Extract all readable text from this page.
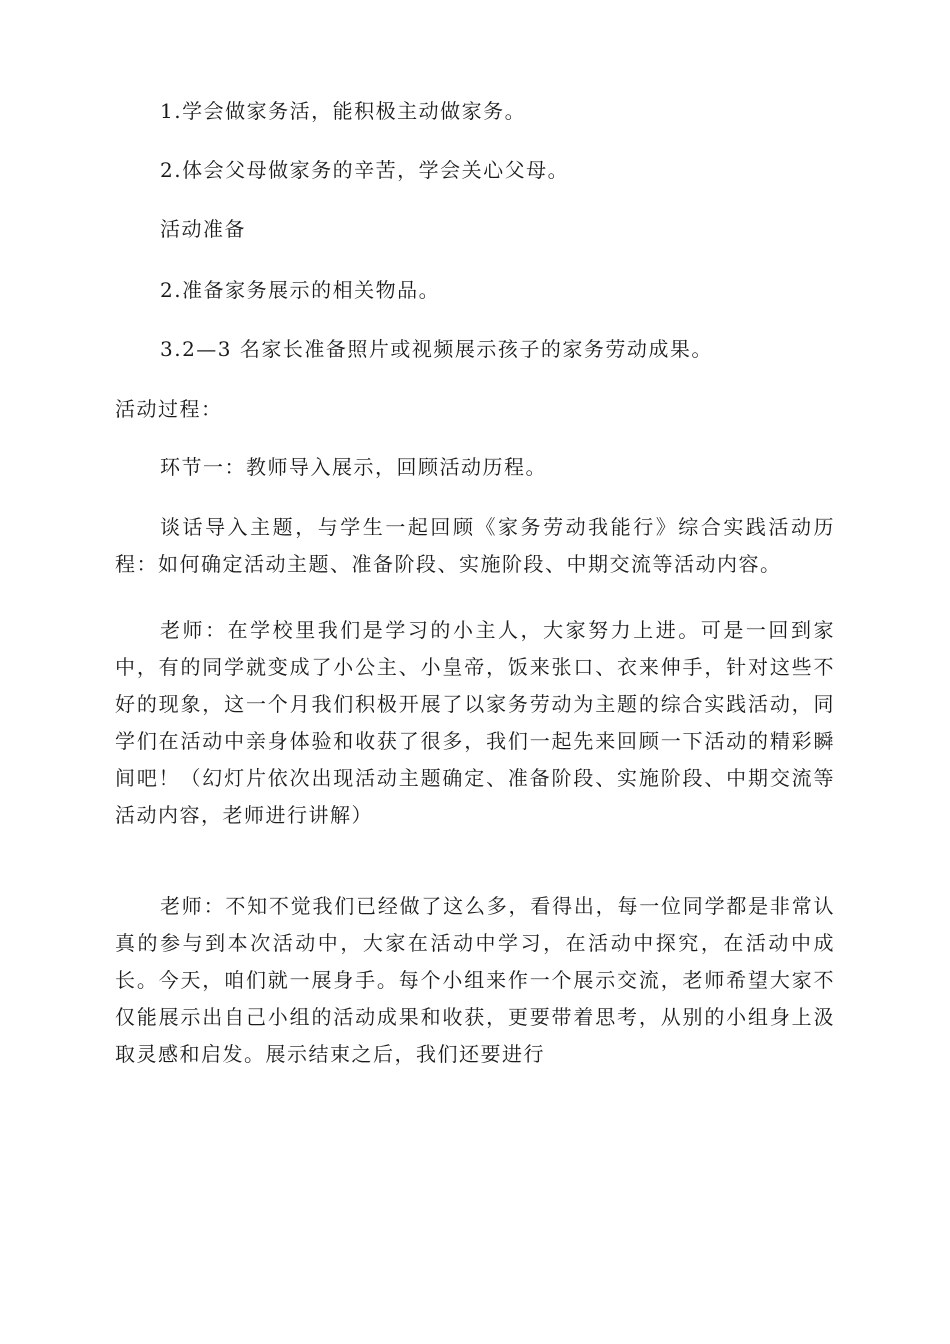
1.学会做家务活，能积极主动做家务。
2.体会父母做家务的辛苦，学会关心父母。
活动准备
2.准备家务展示的相关物品。
3.2—3 名家长准备照片或视频展示孩子的家务劳动成果。
活动过程：
环节一：教师导入展示，回顾活动历程。
谈话导入主题，与学生一起回顾《家务劳动我能行》综合实践活动历程：如何确定活动主题、准备阶段、实施阶段、中期交流等活动内容。
老师：在学校里我们是学习的小主人，大家努力上进。可是一回到家中，有的同学就变成了小公主、小皇帝，饭来张口、衣来伸手，针对这些不好的现象，这一个月我们积极开展了以家务劳动为主题的综合实践活动，同学们在活动中亲身体验和收获了很多，我们一起先来回顾一下活动的精彩瞬间吧！（幻灯片依次出现活动主题确定、准备阶段、实施阶段、中期交流等活动内容，老师进行讲解）
老师：不知不觉我们已经做了这么多，看得出，每一位同学都是非常认真的参与到本次活动中，大家在活动中学习，在活动中探究，在活动中成长。今天，咱们就一展身手。每个小组来作一个展示交流，老师希望大家不仅能展示出自己小组的活动成果和收获，更要带着思考，从别的小组身上汲取灵感和启发。展示结束之后，我们还要进行
